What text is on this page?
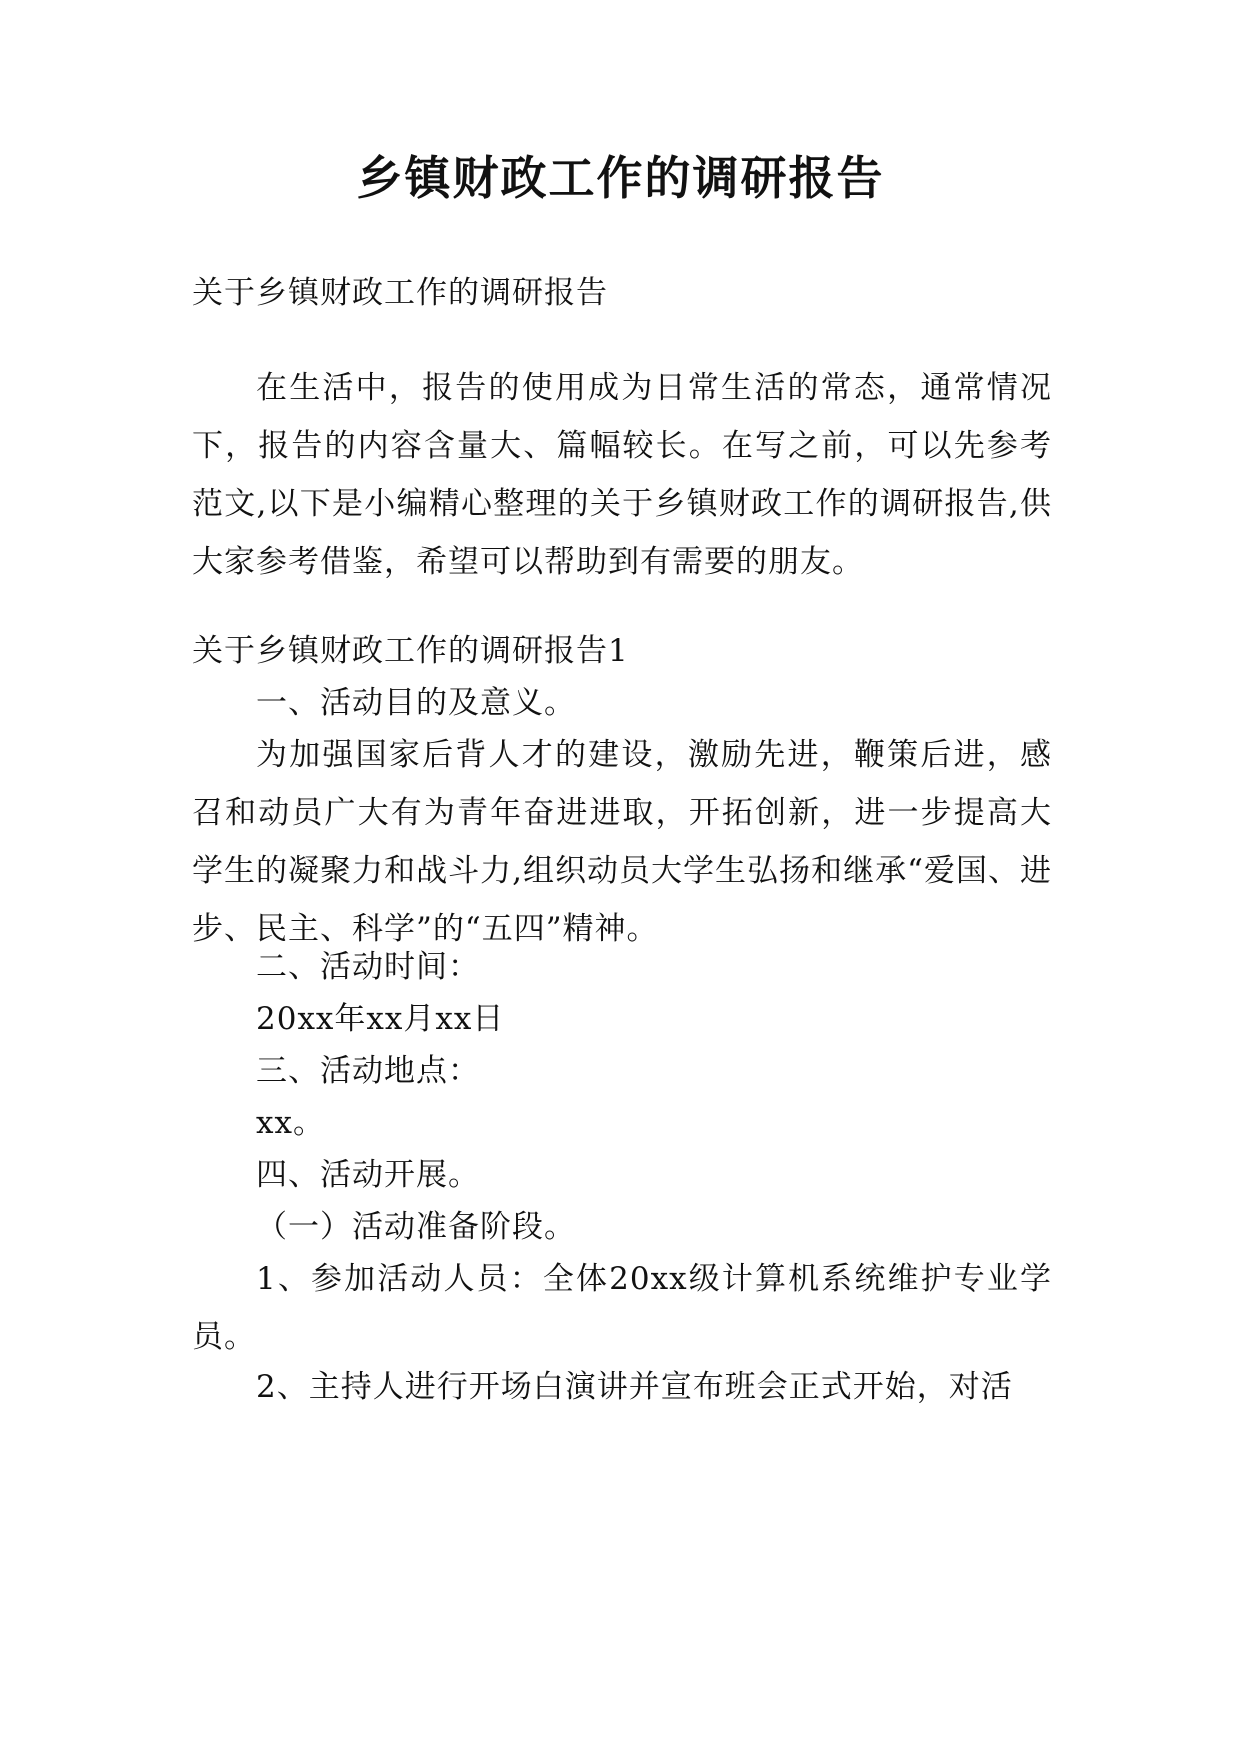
乡镇财政工作的调研报告

关于乡镇财政工作的调研报告

在生活中，报告的使用成为日常生活的常态，通常情况下，报告的内容含量大、篇幅较长。在写之前，可以先参考范文,以下是小编精心整理的关于乡镇财政工作的调研报告,供大家参考借鉴，希望可以帮助到有需要的朋友。

关于乡镇财政工作的调研报告1

一、活动目的及意义。

为加强国家后背人才的建设，激励先进，鞭策后进，感召和动员广大有为青年奋进进取，开拓创新，进一步提高大学生的凝聚力和战斗力,组织动员大学生弘扬和继承“爱国、进步、民主、科学”的“五四”精神。

二、活动时间：

20xx年xx月xx日

三、活动地点：

xx。

四、活动开展。

（一）活动准备阶段。

1、参加活动人员：全体20xx级计算机系统维护专业学员。

2、主持人进行开场白演讲并宣布班会正式开始，对活
